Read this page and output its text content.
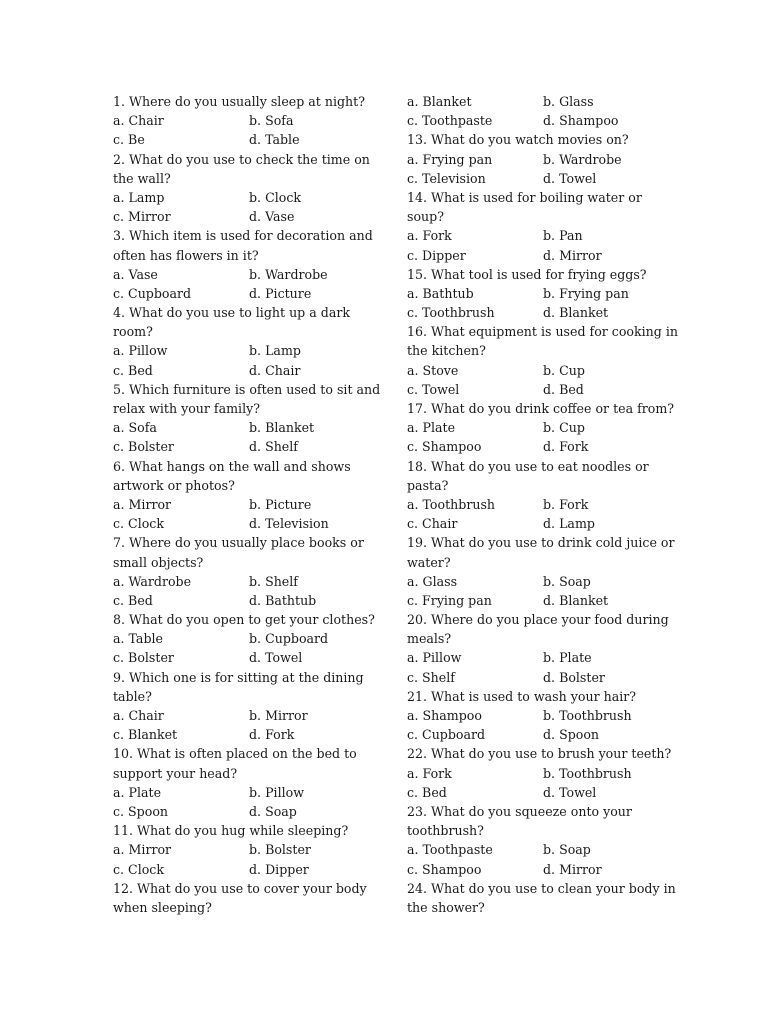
1. Where do you usually sleep at night?
a. Chair	b. Sofa
c. Be	d. Table
2. What do you use to check the time on
the wall?
a. Lamp	b. Clock
c. Mirror	d. Vase
3. Which item is used for decoration and
often has flowers in it?
a. Vase	b. Wardrobe
c. Cupboard	d. Picture
4. What do you use to light up a dark
room?
a. Pillow	b. Lamp
c. Bed	d. Chair
5. Which furniture is often used to sit and
relax with your family?
a. Sofa	b. Blanket
c. Bolster	d. Shelf
6. What hangs on the wall and shows
artwork or photos?
a. Mirror	b. Picture
c. Clock	d. Television
7. Where do you usually place books or
small objects?
a. Wardrobe	b. Shelf
c. Bed	d. Bathtub
8. What do you open to get your clothes?
a. Table	b. Cupboard
c. Bolster	d. Towel
9. Which one is for sitting at the dining
table?
a. Chair	b. Mirror
c. Blanket	d. Fork
10. What is often placed on the bed to
support your head?
a. Plate	b. Pillow
c. Spoon	d. Soap
11. What do you hug while sleeping?
a. Mirror	b. Bolster
c. Clock	d. Dipper
12. What do you use to cover your body
when sleeping?
a. Blanket	b. Glass
c. Toothpaste	d. Shampoo
13. What do you watch movies on?
a. Frying pan	b. Wardrobe
c. Television	d. Towel
14. What is used for boiling water or
soup?
a. Fork	b. Pan
c. Dipper	d. Mirror
15. What tool is used for frying eggs?
a. Bathtub	b. Frying pan
c. Toothbrush	d. Blanket
16. What equipment is used for cooking in
the kitchen?
a. Stove	b. Cup
c. Towel	d. Bed
17. What do you drink coffee or tea from?
a. Plate	b. Cup
c. Shampoo	d. Fork
18. What do you use to eat noodles or
pasta?
a. Toothbrush	b. Fork
c. Chair	d. Lamp
19. What do you use to drink cold juice or
water?
a. Glass	b. Soap
c. Frying pan	d. Blanket
20. Where do you place your food during
meals?
a. Pillow	b. Plate
c. Shelf	d. Bolster
21. What is used to wash your hair?
a. Shampoo	b. Toothbrush
c. Cupboard	d. Spoon
22. What do you use to brush your teeth?
a. Fork	b. Toothbrush
c. Bed	d. Towel
23. What do you squeeze onto your
toothbrush?
a. Toothpaste	b. Soap
c. Shampoo	d. Mirror
24. What do you use to clean your body in
the shower?
